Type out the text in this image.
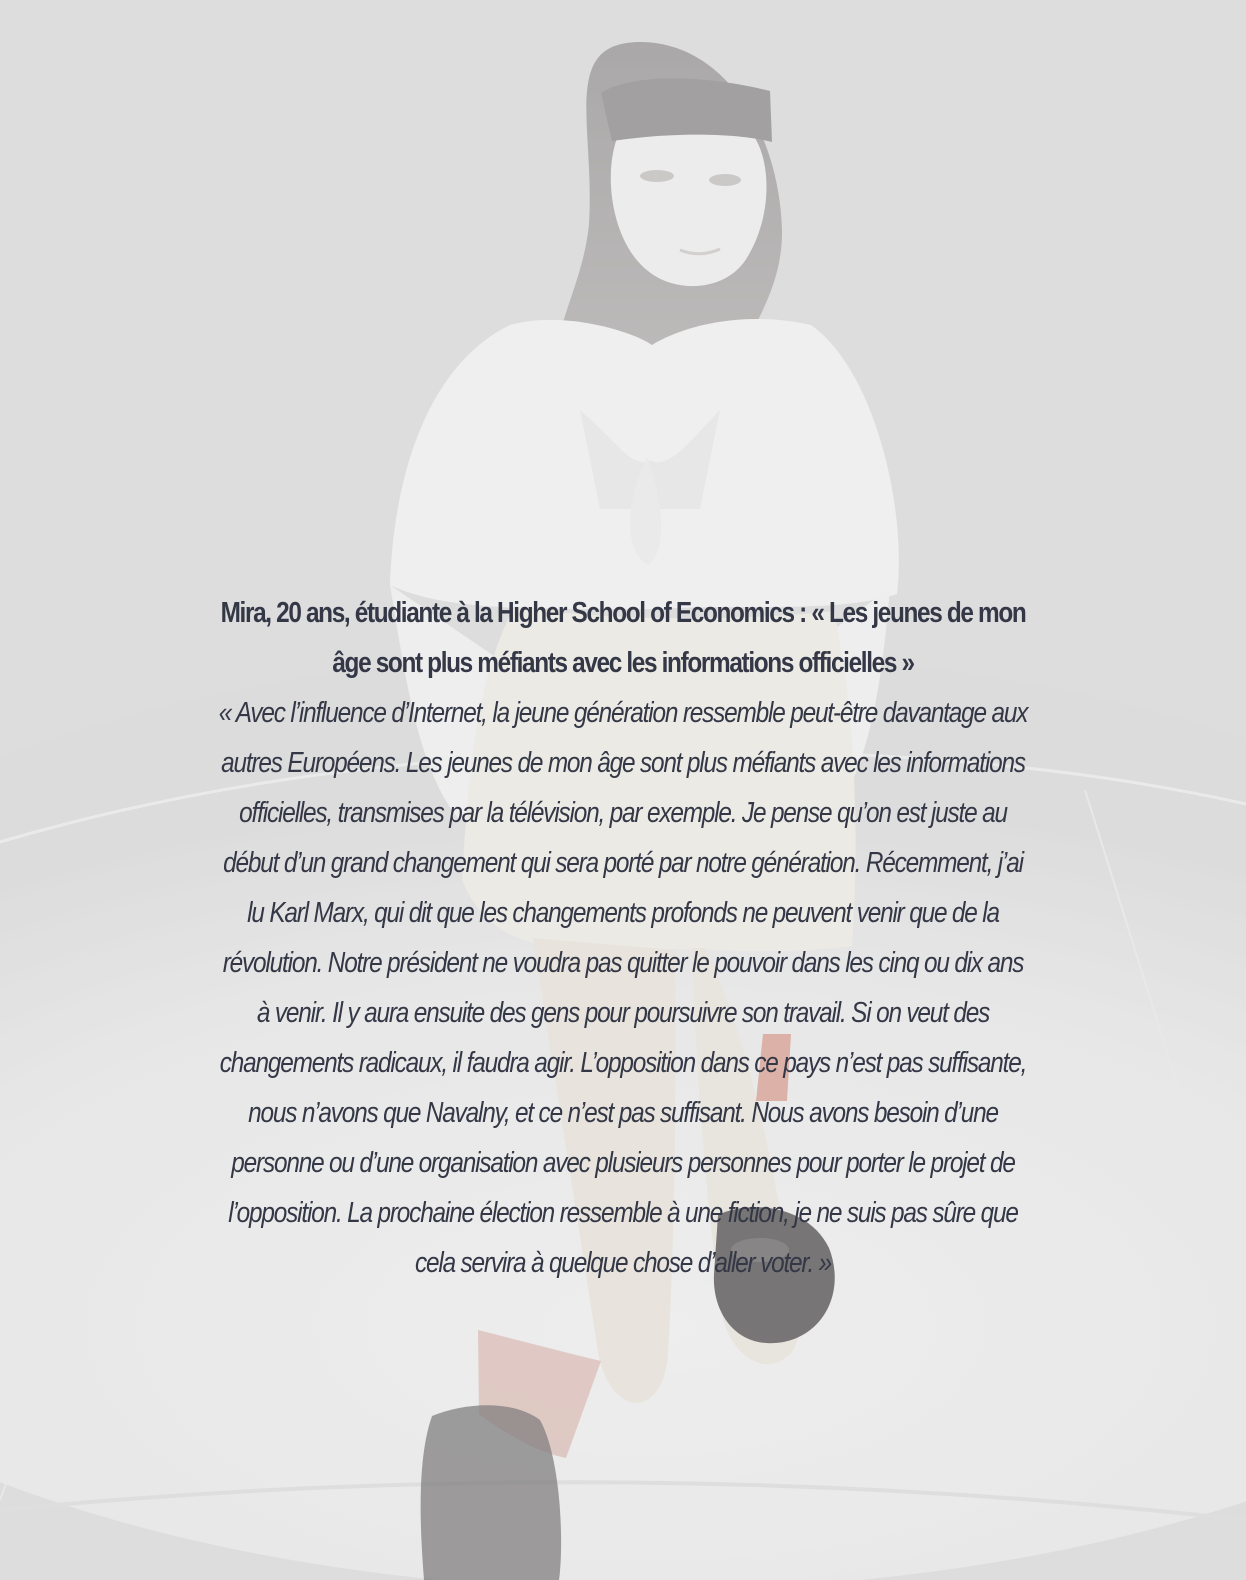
Mira, 20 ans, étudiante à la Higher School of Economics : « Les jeunes de mon âge sont plus méfiants avec les informations officielles »

« Avec l’influence d’Internet, la jeune génération ressemble peut-être davantage aux autres Européens. Les jeunes de mon âge sont plus méfiants avec les informations officielles, transmises par la télévision, par exemple. Je pense qu’on est juste au début d’un grand changement qui sera porté par notre génération. Récemment, j’ai lu Karl Marx, qui dit que les changements profonds ne peuvent venir que de la révolution. Notre président ne voudra pas quitter le pouvoir dans les cinq ou dix ans à venir. Il y aura ensuite des gens pour poursuivre son travail. Si on veut des changements radicaux, il faudra agir. L’opposition dans ce pays n’est pas suffisante, nous n’avons que Navalny, et ce n’est pas suffisant. Nous avons besoin d’une personne ou d’une organisation avec plusieurs personnes pour porter le projet de l’opposition. La prochaine élection ressemble à une fiction, je ne suis pas sûre que cela servira à quelque chose d’aller voter. »
